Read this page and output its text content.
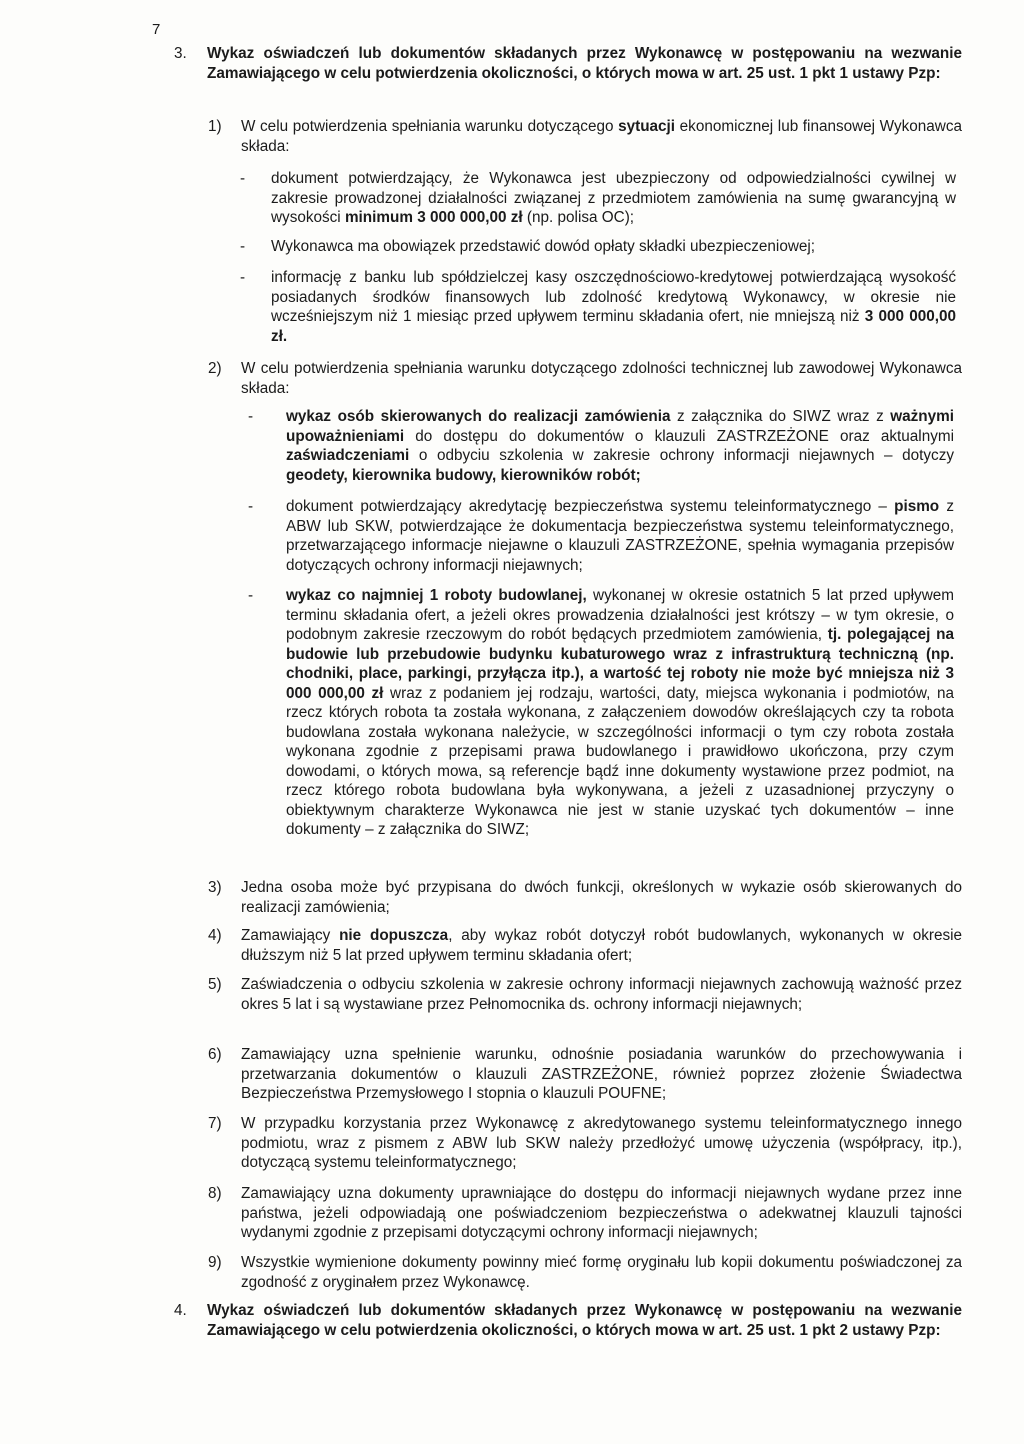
7
3. Wykaz oświadczeń lub dokumentów składanych przez Wykonawcę w postępowaniu na wezwanie Zamawiającego w celu potwierdzenia okoliczności, o których mowa w art. 25 ust. 1 pkt 1 ustawy Pzp:
1) W celu potwierdzenia spełniania warunku dotyczącego sytuacji ekonomicznej lub finansowej Wykonawca składa:
- dokument potwierdzający, że Wykonawca jest ubezpieczony od odpowiedzialności cywilnej w zakresie prowadzonej działalności związanej z przedmiotem zamówienia na sumę gwarancyjną w wysokości minimum 3 000 000,00 zł (np. polisa OC);
- Wykonawca ma obowiązek przedstawić dowód opłaty składki ubezpieczeniowej;
- informację z banku lub spółdzielczej kasy oszczędnościowo-kredytowej potwierdzającą wysokość posiadanych środków finansowych lub zdolność kredytową Wykonawcy, w okresie nie wcześniejszym niż 1 miesiąc przed upływem terminu składania ofert, nie mniejszą niż 3 000 000,00 zł.
2) W celu potwierdzenia spełniania warunku dotyczącego zdolności technicznej lub zawodowej Wykonawca składa:
- wykaz osób skierowanych do realizacji zamówienia z załącznika do SIWZ wraz z ważnymi upoważnieniami do dostępu do dokumentów o klauzuli ZASTRZEŻONE oraz aktualnymi zaświadczeniami o odbyciu szkolenia w zakresie ochrony informacji niejawnych – dotyczy geodety, kierownika budowy, kierowników robót;
- dokument potwierdzający akredytację bezpieczeństwa systemu teleinformatycznego – pismo z ABW lub SKW, potwierdzające że dokumentacja bezpieczeństwa systemu teleinformatycznego, przetwarzającego informacje niejawne o klauzuli ZASTRZEŻONE, spełnia wymagania przepisów dotyczących ochrony informacji niejawnych;
- wykaz co najmniej 1 roboty budowlanej, wykonanej w okresie ostatnich 5 lat przed upływem terminu składania ofert, a jeżeli okres prowadzenia działalności jest krótszy – w tym okresie, o podobnym zakresie rzeczowym do robót będących przedmiotem zamówienia, tj. polegającej na budowie lub przebudowie budynku kubaturowego wraz z infrastrukturą techniczną (np. chodniki, place, parkingi, przyłącza itp.), a wartość tej roboty nie może być mniejsza niż 3 000 000,00 zł wraz z podaniem jej rodzaju, wartości, daty, miejsca wykonania i podmiotów, na rzecz których robota ta została wykonana, z załączeniem dowodów określających czy ta robota budowlana została wykonana należycie, w szczególności informacji o tym czy robota została wykonana zgodnie z przepisami prawa budowlanego i prawidłowo ukończona, przy czym dowodami, o których mowa, są referencje bądź inne dokumenty wystawione przez podmiot, na rzecz którego robota budowlana była wykonywana, a jeżeli z uzasadnionej przyczyny o obiektywnym charakterze Wykonawca nie jest w stanie uzyskać tych dokumentów – inne dokumenty – z załącznika do SIWZ;
3) Jedna osoba może być przypisana do dwóch funkcji, określonych w wykazie osób skierowanych do realizacji zamówienia;
4) Zamawiający nie dopuszcza, aby wykaz robót dotyczył robót budowlanych, wykonanych w okresie dłuższym niż 5 lat przed upływem terminu składania ofert;
5) Zaświadczenia o odbyciu szkolenia w zakresie ochrony informacji niejawnych zachowują ważność przez okres 5 lat i są wystawiane przez Pełnomocnika ds. ochrony informacji niejawnych;
6) Zamawiający uzna spełnienie warunku, odnośnie posiadania warunków do przechowywania i przetwarzania dokumentów o klauzuli ZASTRZEŻONE, również poprzez złożenie Świadectwa Bezpieczeństwa Przemysłowego I stopnia o klauzuli POUFNE;
7) W przypadku korzystania przez Wykonawcę z akredytowanego systemu teleinformatycznego innego podmiotu, wraz z pismem z ABW lub SKW należy przedłożyć umowę użyczenia (współpracy, itp.), dotyczącą systemu teleinformatycznego;
8) Zamawiający uzna dokumenty uprawniające do dostępu do informacji niejawnych wydane przez inne państwa, jeżeli odpowiadają one poświadczeniom bezpieczeństwa o adekwatnej klauzuli tajności wydanymi zgodnie z przepisami dotyczącymi ochrony informacji niejawnych;
9) Wszystkie wymienione dokumenty powinny mieć formę oryginału lub kopii dokumentu poświadczonej za zgodność z oryginałem przez Wykonawcę.
4. Wykaz oświadczeń lub dokumentów składanych przez Wykonawcę w postępowaniu na wezwanie Zamawiającego w celu potwierdzenia okoliczności, o których mowa w art. 25 ust. 1 pkt 2 ustawy Pzp:
